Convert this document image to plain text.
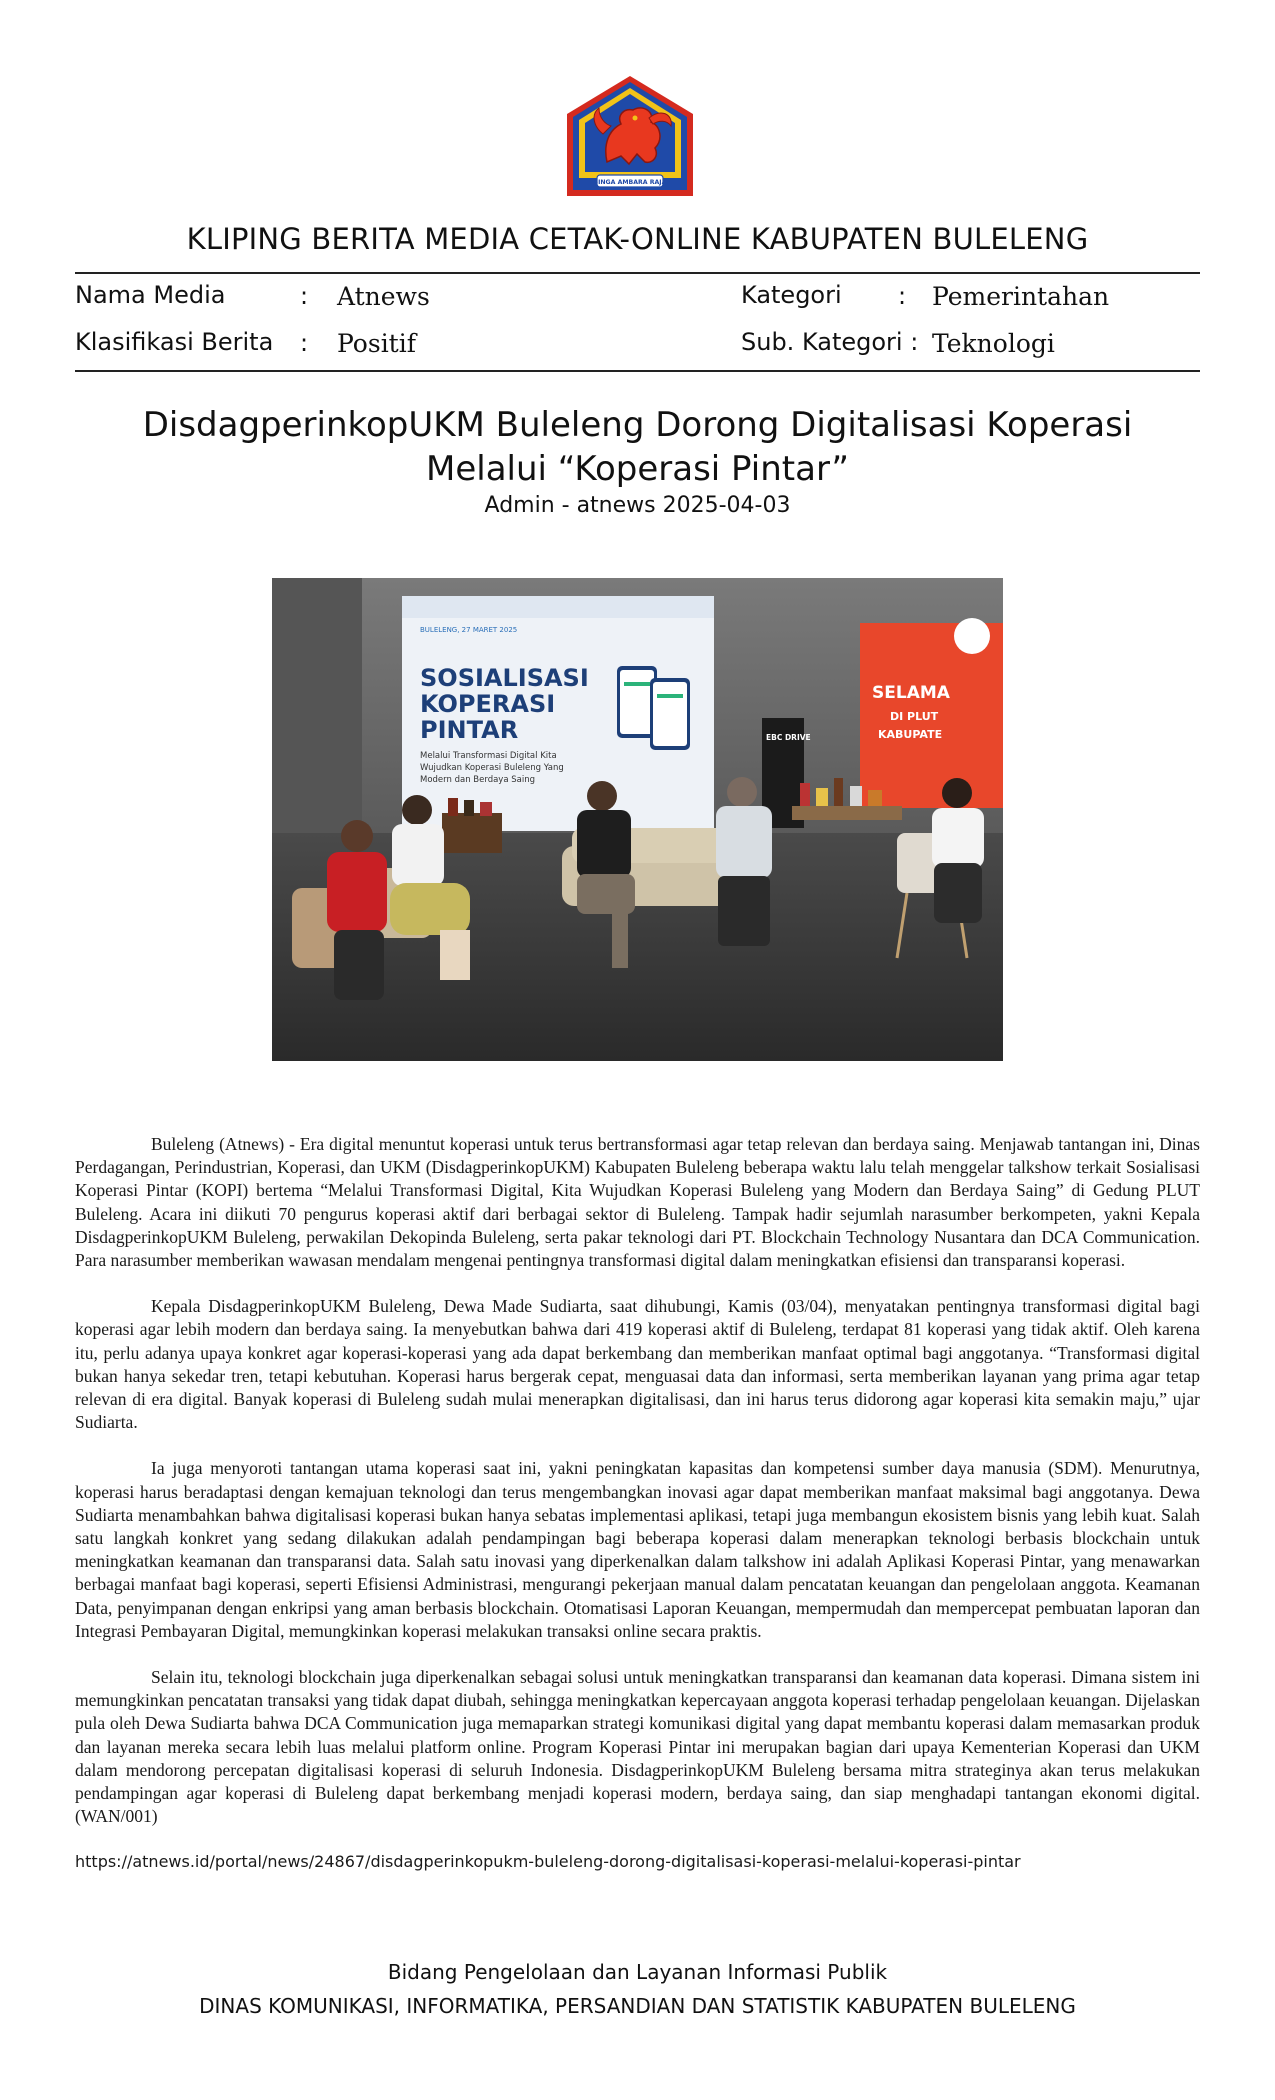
SINGA AMBARA RAJA
KLIPING BERITA MEDIA CETAK-ONLINE KABUPATEN BULELENG
Nama Media	: Atnews	Kategori : Pemerintahan
Klasifikasi Berita : Positif	Sub. Kategori : Teknologi
DisdagperinkopUKM Buleleng Dorong Digitalisasi Koperasi
Melalui “Koperasi Pintar”
Admin - atnews 2025-04-03
BULELENG, 27 MARET 2025
SOSIALISASI
KOPERASI
PINTAR
Melalui Transformasi Digital Kita
Wujudkan Koperasi Buleleng Yang
Modern dan Berdaya Saing
SELAMA
DI PLUT
KABUPATE
EBC DRIVE

Buleleng (Atnews) - Era digital menuntut koperasi untuk terus bertransformasi agar tetap relevan dan berdaya saing. Menjawab tantangan ini, Dinas Perdagangan, Perindustrian, Koperasi, dan UKM (DisdagperinkopUKM) Kabupaten Buleleng beberapa waktu lalu telah menggelar talkshow terkait Sosialisasi Koperasi Pintar (KOPI) bertema “Melalui Transformasi Digital, Kita Wujudkan Koperasi Buleleng yang Modern dan Berdaya Saing” di Gedung PLUT Buleleng. Acara ini diikuti 70 pengurus koperasi aktif dari berbagai sektor di Buleleng. Tampak hadir sejumlah narasumber berkompeten, yakni Kepala DisdagperinkopUKM Buleleng, perwakilan Dekopinda Buleleng, serta pakar teknologi dari PT. Blockchain Technology Nusantara dan DCA Communication. Para narasumber memberikan wawasan mendalam mengenai pentingnya transformasi digital dalam meningkatkan efisiensi dan transparansi koperasi.

Kepala DisdagperinkopUKM Buleleng, Dewa Made Sudiarta, saat dihubungi, Kamis (03/04), menyatakan pentingnya transformasi digital bagi koperasi agar lebih modern dan berdaya saing. Ia menyebutkan bahwa dari 419 koperasi aktif di Buleleng, terdapat 81 koperasi yang tidak aktif. Oleh karena itu, perlu adanya upaya konkret agar koperasi-koperasi yang ada dapat berkembang dan memberikan manfaat optimal bagi anggotanya. “Transformasi digital bukan hanya sekedar tren, tetapi kebutuhan. Koperasi harus bergerak cepat, menguasai data dan informasi, serta memberikan layanan yang prima agar tetap relevan di era digital. Banyak koperasi di Buleleng sudah mulai menerapkan digitalisasi, dan ini harus terus didorong agar koperasi kita semakin maju,” ujar Sudiarta.

Ia juga menyoroti tantangan utama koperasi saat ini, yakni peningkatan kapasitas dan kompetensi sumber daya manusia (SDM). Menurutnya, koperasi harus beradaptasi dengan kemajuan teknologi dan terus mengembangkan inovasi agar dapat memberikan manfaat maksimal bagi anggotanya. Dewa Sudiarta menambahkan bahwa digitalisasi koperasi bukan hanya sebatas implementasi aplikasi, tetapi juga membangun ekosistem bisnis yang lebih kuat. Salah satu langkah konkret yang sedang dilakukan adalah pendampingan bagi beberapa koperasi dalam menerapkan teknologi berbasis blockchain untuk meningkatkan keamanan dan transparansi data. Salah satu inovasi yang diperkenalkan dalam talkshow ini adalah Aplikasi Koperasi Pintar, yang menawarkan berbagai manfaat bagi koperasi, seperti Efisiensi Administrasi, mengurangi pekerjaan manual dalam pencatatan keuangan dan pengelolaan anggota. Keamanan Data, penyimpanan dengan enkripsi yang aman berbasis blockchain. Otomatisasi Laporan Keuangan, mempermudah dan mempercepat pembuatan laporan dan Integrasi Pembayaran Digital, memungkinkan koperasi melakukan transaksi online secara praktis.

Selain itu, teknologi blockchain juga diperkenalkan sebagai solusi untuk meningkatkan transparansi dan keamanan data koperasi. Dimana sistem ini memungkinkan pencatatan transaksi yang tidak dapat diubah, sehingga meningkatkan kepercayaan anggota koperasi terhadap pengelolaan keuangan. Dijelaskan pula oleh Dewa Sudiarta bahwa DCA Communication juga memaparkan strategi komunikasi digital yang dapat membantu koperasi dalam memasarkan produk dan layanan mereka secara lebih luas melalui platform online. Program Koperasi Pintar ini merupakan bagian dari upaya Kementerian Koperasi dan UKM dalam mendorong percepatan digitalisasi koperasi di seluruh Indonesia. DisdagperinkopUKM Buleleng bersama mitra strateginya akan terus melakukan pendampingan agar koperasi di Buleleng dapat berkembang menjadi koperasi modern, berdaya saing, dan siap menghadapi tantangan ekonomi digital. (WAN/001)

https://atnews.id/portal/news/24867/disdagperinkopukm-buleleng-dorong-digitalisasi-koperasi-melalui-koperasi-pintar
Bidang Pengelolaan dan Layanan Informasi Publik
DINAS KOMUNIKASI, INFORMATIKA, PERSANDIAN DAN STATISTIK KABUPATEN BULELENG
